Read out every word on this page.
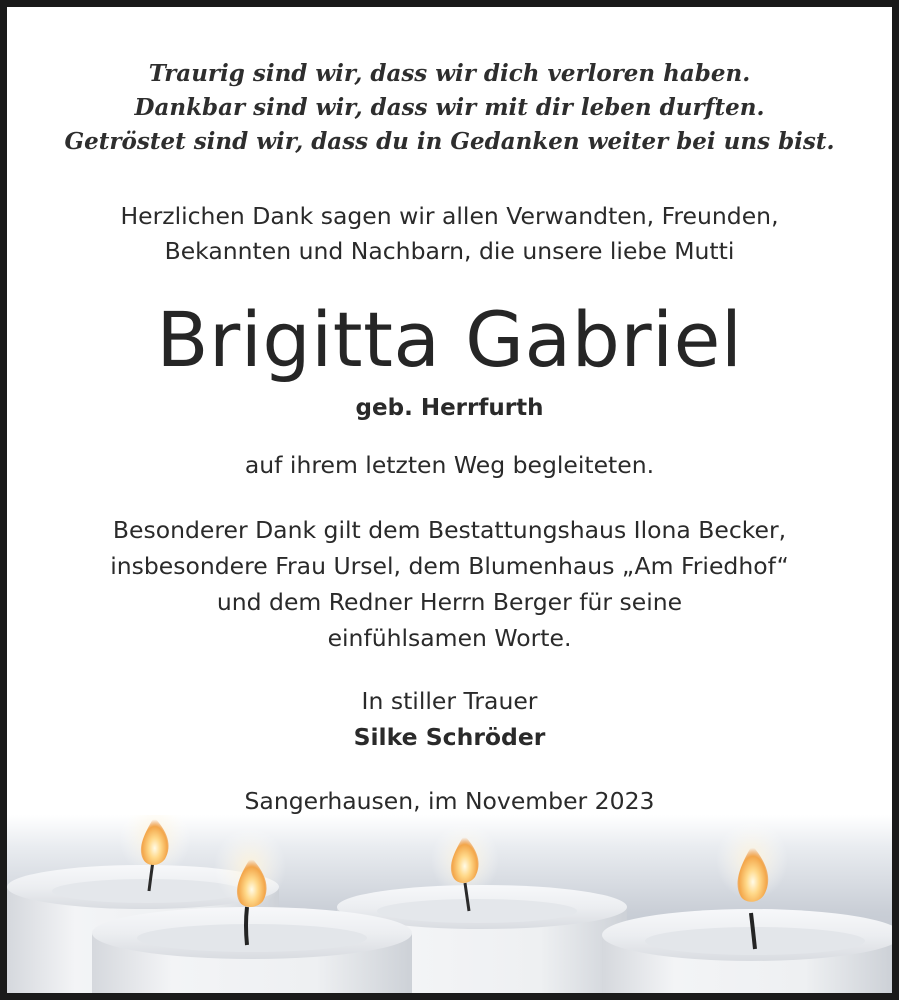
Traurig sind wir, dass wir dich verloren haben.

Dankbar sind wir, dass wir mit dir leben durften.

Getröstet sind wir, dass du in Gedanken weiter bei uns bist.

Herzlichen Dank sagen wir allen Verwandten, Freunden,

Bekannten und Nachbarn, die unsere liebe Mutti

Brigitta Gabriel
geb. Herrfurth
auf ihrem letzten Weg begleiteten.

Besonderer Dank gilt dem Bestattungshaus Ilona Becker,

insbesondere Frau Ursel, dem Blumenhaus „Am Friedhof“

und dem Redner Herrn Berger für seine

einfühlsamen Worte.

In stiller Trauer

Silke Schröder

Sangerhausen, im November 2023
